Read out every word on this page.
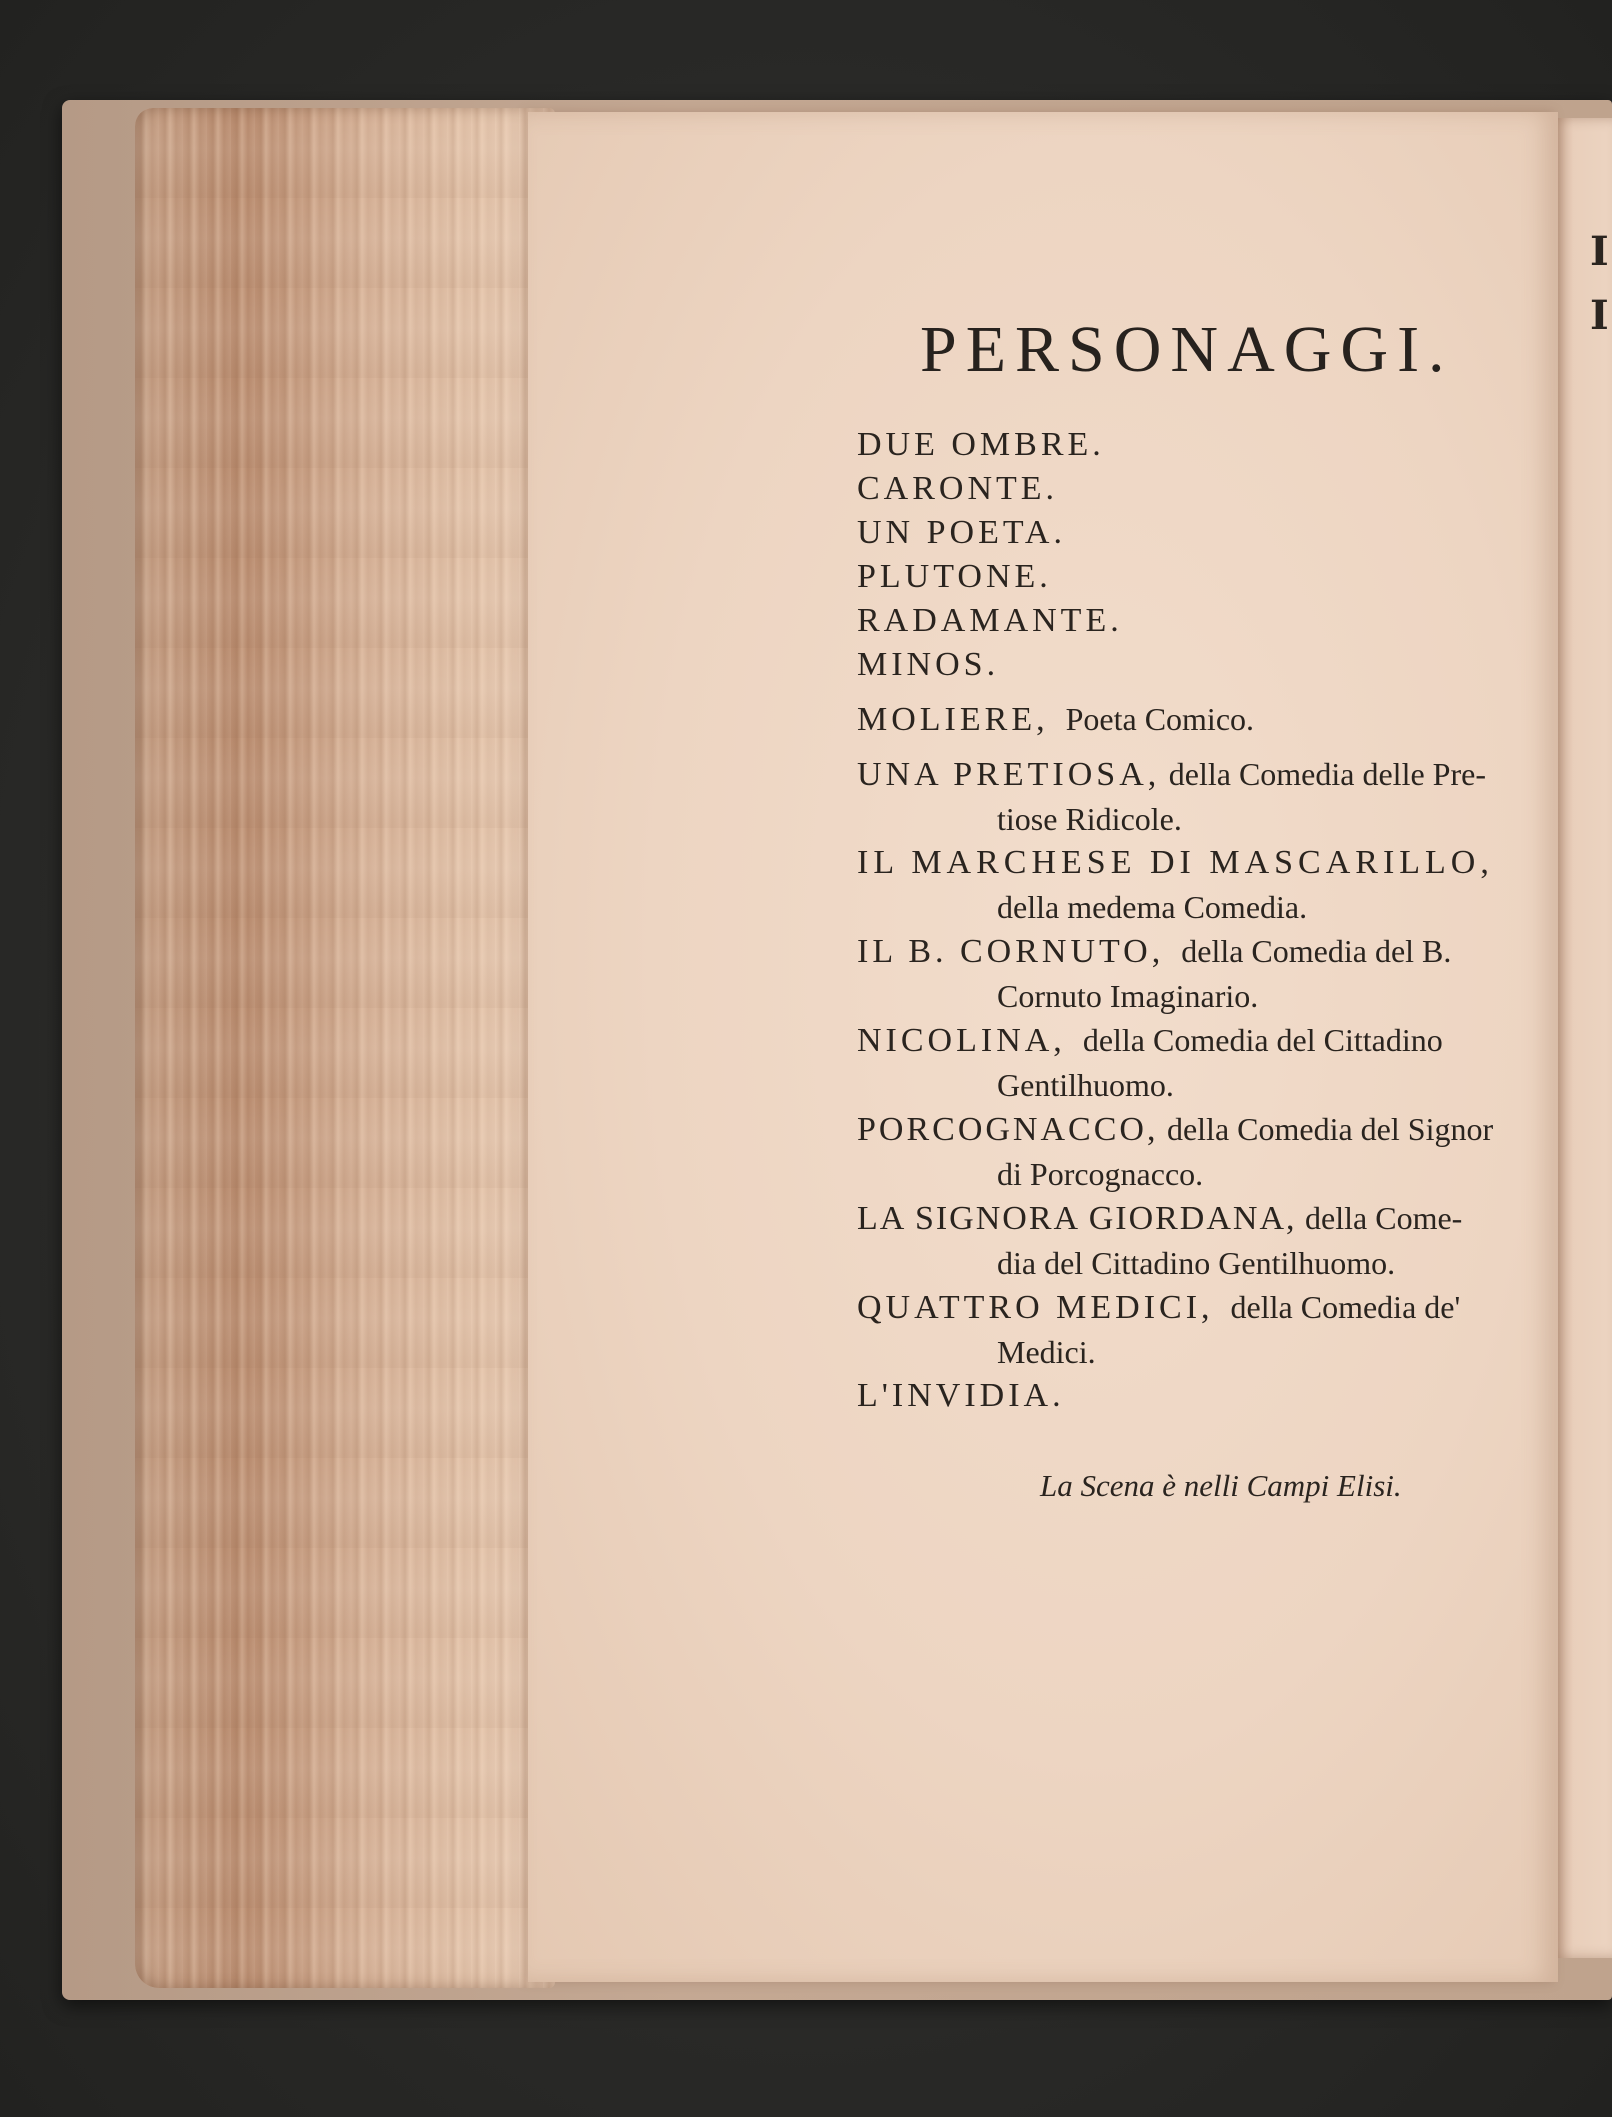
I
I
PERSONAGGI.
DUE OMBRE.
CARONTE.
UN POETA.
PLUTONE.
RADAMANTE.
MINOS.
MOLIERE, Poeta Comico.
UNA PRETIOSA, della Comedia delle Pre-
tiose Ridicole.
IL MARCHESE DI MASCARILLO,
della medema Comedia.
IL B. CORNUTO, della Comedia del B.
Cornuto Imaginario.
NICOLINA, della Comedia del Cittadino
Gentilhuomo.
PORCOGNACCO, della Comedia del Signor
di Porcognacco.
LA SIGNORA GIORDANA, della Come-
dia del Cittadino Gentilhuomo.
QUATTRO MEDICI, della Comedia de'
Medici.
L'INVIDIA.
La Scena è nelli Campi Elisi.
